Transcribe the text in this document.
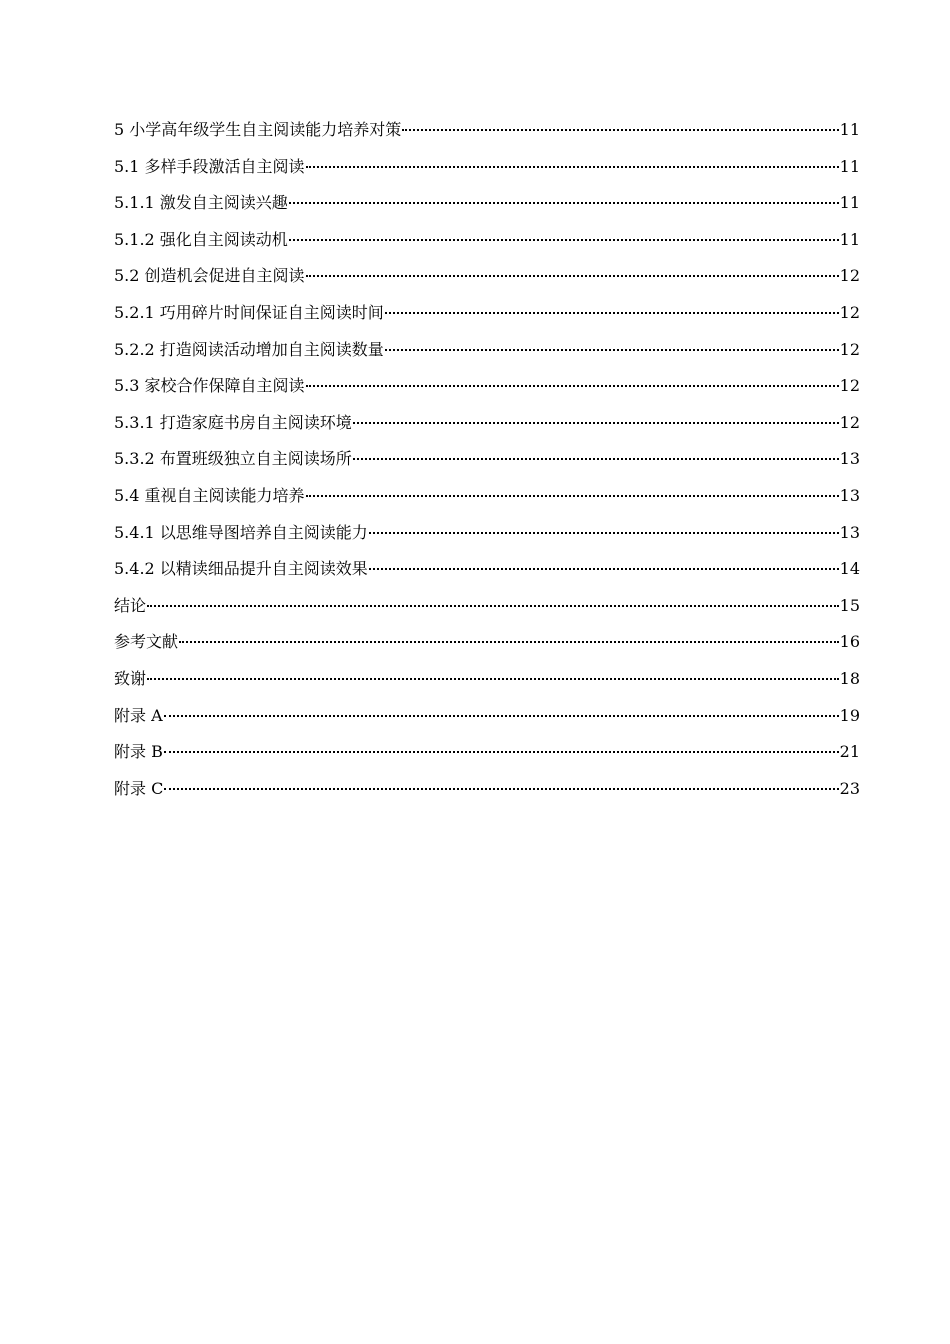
5 小学高年级学生自主阅读能力培养对策	11
5.1 多样手段激活自主阅读	11
5.1.1 激发自主阅读兴趣	11
5.1.2 强化自主阅读动机	11
5.2 创造机会促进自主阅读	12
5.2.1 巧用碎片时间保证自主阅读时间	12
5.2.2 打造阅读活动增加自主阅读数量	12
5.3 家校合作保障自主阅读	12
5.3.1 打造家庭书房自主阅读环境	12
5.3.2 布置班级独立自主阅读场所	13
5.4 重视自主阅读能力培养	13
5.4.1 以思维导图培养自主阅读能力	13
5.4.2 以精读细品提升自主阅读效果	14
结论	15
参考文献	16
致谢	18
附录 A	19
附录 B	21
附录 C	23
